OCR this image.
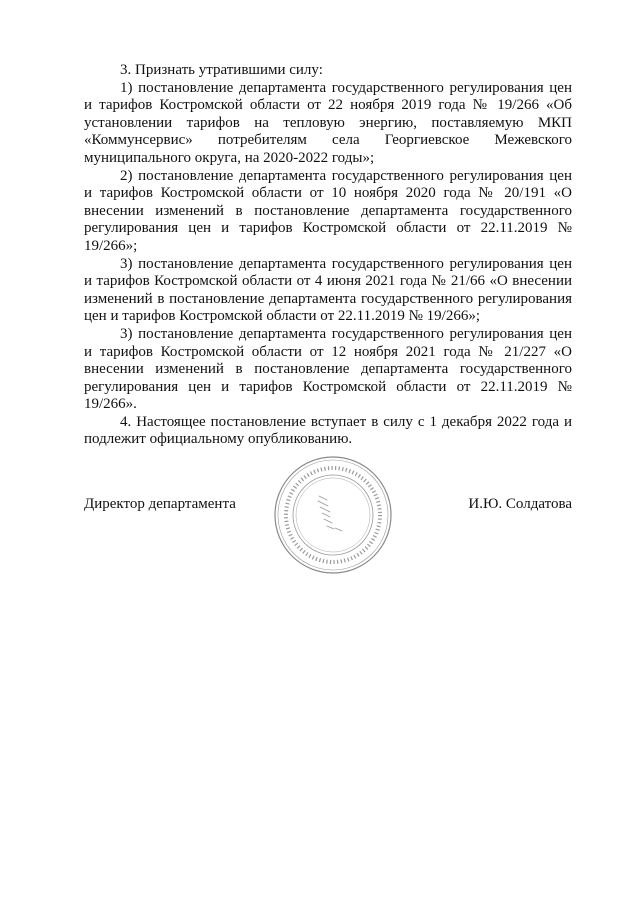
3. Признать утратившими силу:

1) постановление департамента государственного регулирования цен и тарифов Костромской области от 22 ноября 2019 года № 19/266 «Об установлении тарифов на тепловую энергию, поставляемую МКП «Коммунсервис» потребителям села Георгиевское Межевского муниципального округа, на 2020-2022 годы»;

2) постановление департамента государственного регулирования цен и тарифов Костромской области от 10 ноября 2020 года № 20/191 «О внесении изменений в постановление департамента государственного регулирования цен и тарифов Костромской области от 22.11.2019 № 19/266»;

3) постановление департамента государственного регулирования цен и тарифов Костромской области от 4 июня 2021 года № 21/66 «О внесении изменений в постановление департамента государственного регулирования цен и тарифов Костромской области от 22.11.2019 № 19/266»;

3) постановление департамента государственного регулирования цен и тарифов Костромской области от 12 ноября 2021 года № 21/227 «О внесении изменений в постановление департамента государственного регулирования цен и тарифов Костромской области от 22.11.2019 № 19/266».

4. Настоящее постановление вступает в силу с 1 декабря 2022 года и подлежит официальному опубликованию.

Директор департамента	И.Ю. Солдатова
